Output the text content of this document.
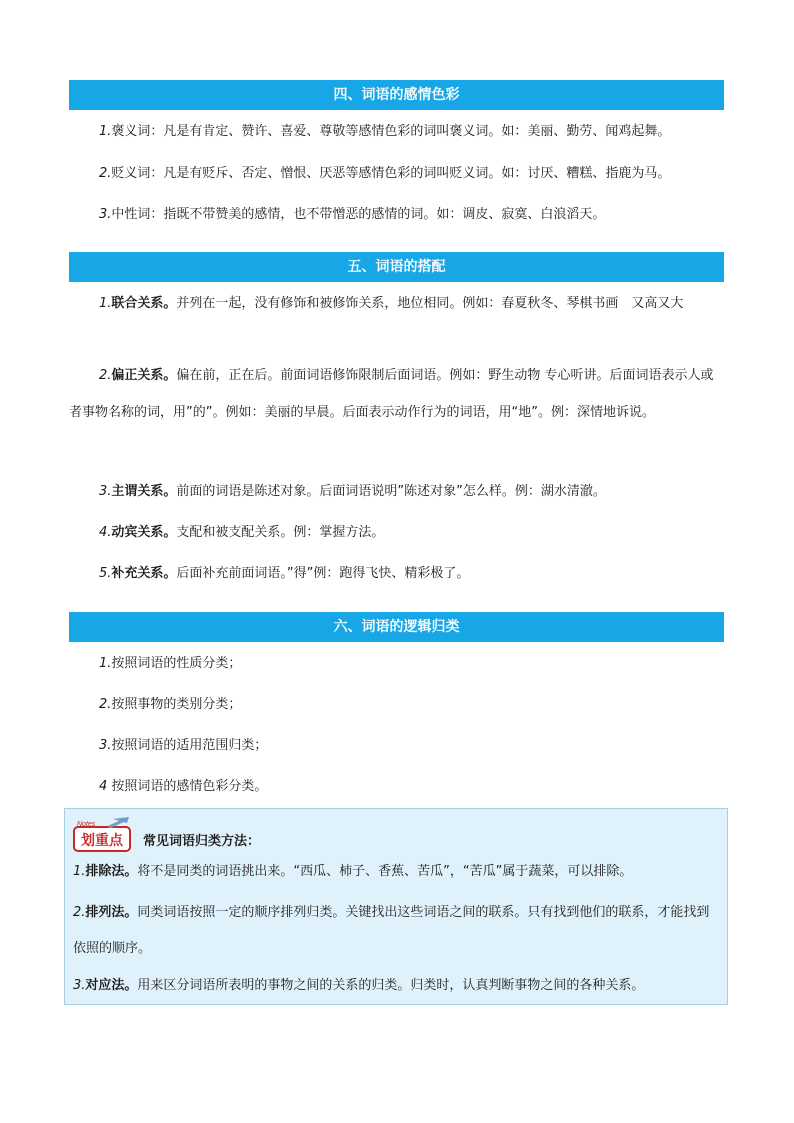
四、词语的感情色彩
1.褒义词：凡是有肯定、赞许、喜爱、尊敬等感情色彩的词叫褒义词。如：美丽、勤劳、闻鸡起舞。
2.贬义词：凡是有贬斥、否定、憎恨、厌恶等感情色彩的词叫贬义词。如：讨厌、糟糕、指鹿为马。
3.中性词：指既不带赞美的感情，也不带憎恶的感情的词。如：调皮、寂寞、白浪滔天。
五、词语的搭配
1.联合关系。并列在一起，没有修饰和被修饰关系，地位相同。例如：春夏秋冬、琴棋书画　又高又大
2.偏正关系。偏在前，正在后。前面词语修饰限制后面词语。例如：野生动物 专心听讲。后面词语表示人或者事物名称的词，用”的”。例如：美丽的早晨。后面表示动作行为的词语，用“地”。例：深情地诉说。
3.主谓关系。前面的词语是陈述对象。后面词语说明”陈述对象”怎么样。例：湖水清澈。
4.动宾关系。支配和被支配关系。例：掌握方法。
5.补充关系。后面补充前面词语。”得”例：跑得飞快、精彩极了。
六、词语的逻辑归类
1.按照词语的性质分类；
2.按照事物的类别分类；
3.按照词语的适用范围归类；
4 按照词语的感情色彩分类。
Notes
划重点 常见词语归类方法：
1.排除法。将不是同类的词语挑出来。“西瓜、柿子、香蕉、苦瓜”，“苦瓜”属于蔬菜，可以排除。
2.排列法。同类词语按照一定的顺序排列归类。关键找出这些词语之间的联系。只有找到他们的联系，才能找到依照的顺序。
3.对应法。用来区分词语所表明的事物之间的关系的归类。归类时，认真判断事物之间的各种关系。
